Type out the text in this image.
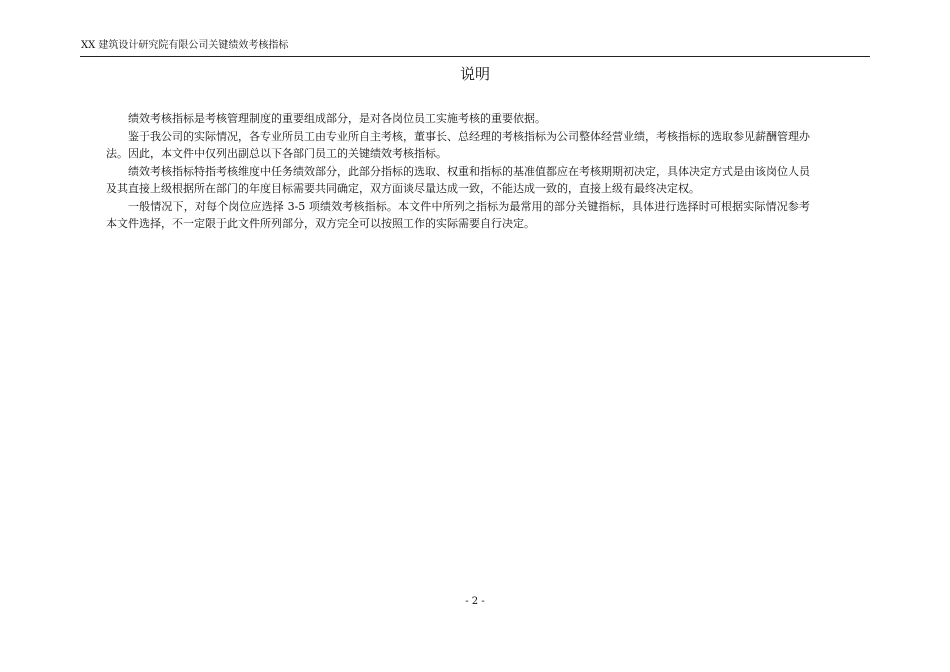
XX 建筑设计研究院有限公司关键绩效考核指标
说明

绩效考核指标是考核管理制度的重要组成部分，是对各岗位员工实施考核的重要依据。

鉴于我公司的实际情况，各专业所员工由专业所自主考核，董事长、总经理的考核指标为公司整体经营业绩，考核指标的选取参见薪酬管理办法。因此，本文件中仅列出副总以下各部门员工的关键绩效考核指标。

绩效考核指标特指考核维度中任务绩效部分，此部分指标的选取、权重和指标的基准值都应在考核期期初决定，具体决定方式是由该岗位人员及其直接上级根据所在部门的年度目标需要共同确定，双方面谈尽量达成一致，不能达成一致的，直接上级有最终决定权。

一般情况下，对每个岗位应选择 3-5 项绩效考核指标。本文件中所列之指标为最常用的部分关键指标，具体进行选择时可根据实际情况参考本文件选择，不一定限于此文件所列部分，双方完全可以按照工作的实际需要自行决定。

- 2 -
